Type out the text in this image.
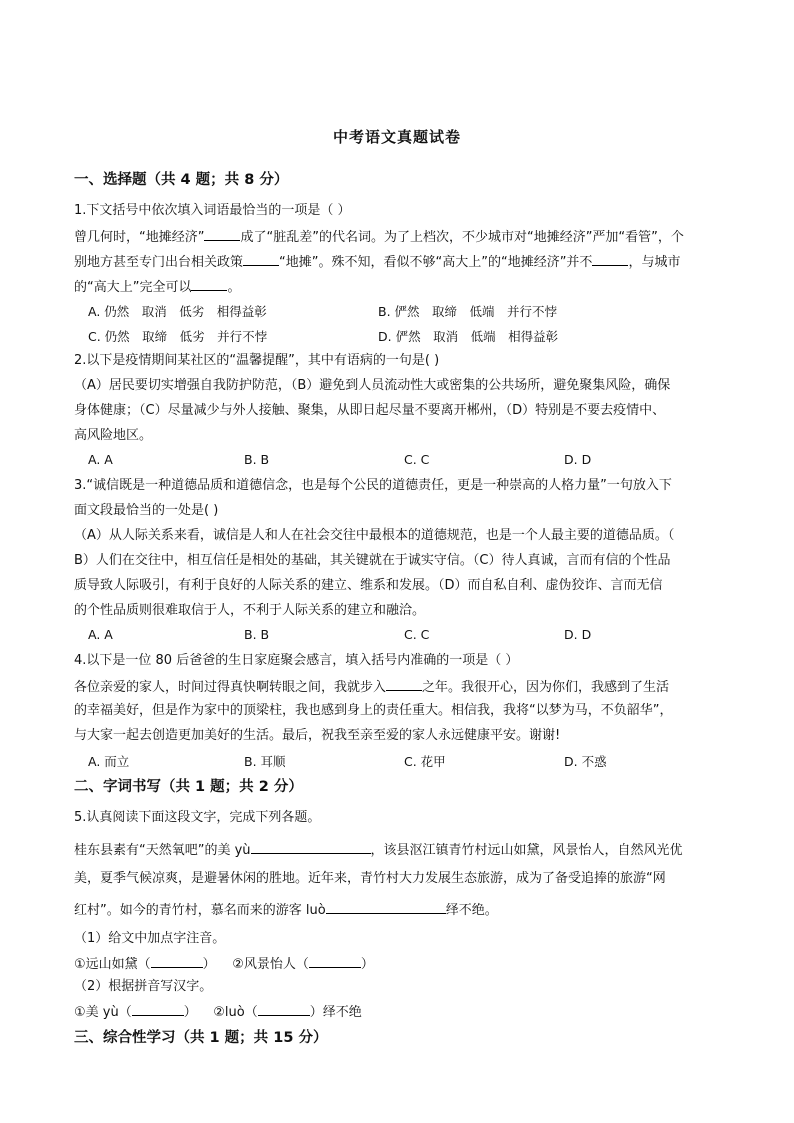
中考语文真题试卷
一、选择题（共 4 题；共 8 分）
1.下文括号中依次填入词语最恰当的一项是（ ）
曾几何时，“地摊经济”	成了“脏乱差”的代名词。为了上档次，不少城市对“地摊经济”严加“看管”，个
别地方甚至专门出台相关政策	“地摊”。殊不知，看似不够“高大上”的“地摊经济”并不	，与城市
的“高大上”完全可以	。
A. 仍然　取消　低劣　相得益彰	B. 俨然　取缔　低端　并行不悖
C. 仍然　取缔　低劣　并行不悖	D. 俨然　取消　低端　相得益彰
2.以下是疫情期间某社区的“温馨提醒”，其中有语病的一句是( )
（A）居民要切实增强自我防护防范，（B）避免到人员流动性大或密集的公共场所，避免聚集风险，确保
身体健康；（C）尽量减少与外人接触、聚集，从即日起尽量不要离开郴州，（D）特别是不要去疫情中、
高风险地区。
A. A	B. B	C. C	D. D
3.“诚信既是一种道德品质和道德信念，也是每个公民的道德责任，更是一种崇高的人格力量”一句放入下
面文段最恰当的一处是( )
（A）从人际关系来看，诚信是人和人在社会交往中最根本的道德规范，也是一个人最主要的道德品质。（
B）人们在交往中，相互信任是相处的基础，其关键就在于诚实守信。（C）待人真诚，言而有信的个性品
质导致人际吸引，有利于良好的人际关系的建立、维系和发展。（D）而自私自利、虚伪狡诈、言而无信
的个性品质则很难取信于人，不利于人际关系的建立和融洽。
A. A	B. B	C. C	D. D
4.以下是一位 80 后爸爸的生日家庭聚会感言，填入括号内准确的一项是（ ）
各位亲爱的家人，时间过得真快啊转眼之间，我就步入	之年。我很开心，因为你们，我感到了生活
的幸福美好，但是作为家中的顶梁柱，我也感到身上的责任重大。相信我，我将“以梦为马，不负韶华”，
与大家一起去创造更加美好的生活。最后，祝我至亲至爱的家人永远健康平安。谢谢!
A. 而立	B. 耳顺	C. 花甲	D. 不惑
二、字词书写（共 1 题；共 2 分）
5.认真阅读下面这段文字，完成下列各题。
桂东县素有“天然氧吧”的美 yù	，该县沤江镇青竹村远山如黛，风景怡人，自然风光优
美，夏季气候凉爽，是避暑休闲的胜地。近年来，青竹村大力发展生态旅游，成为了备受追捧的旅游“网
红村”。如今的青竹村，慕名而来的游客 luò	绎不绝。
（1）给文中加点字注音。
①远山如黛（	） ②风景怡人（	）
（2）根据拼音写汉字。
①美 yù（	） ②luò（	）绎不绝
三、综合性学习（共 1 题；共 15 分）
